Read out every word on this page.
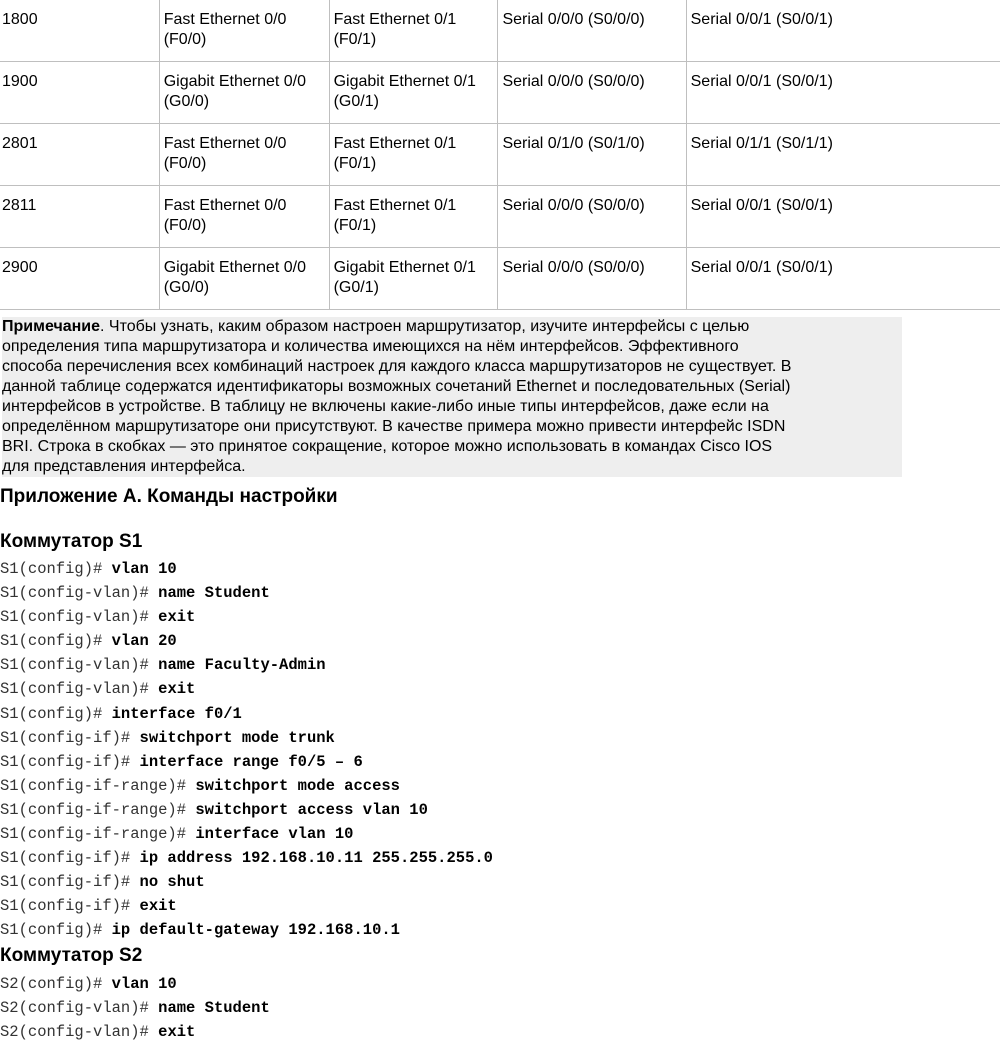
1800	Fast Ethernet 0/0 (F0/0)	Fast Ethernet 0/1 (F0/1)	Serial 0/0/0 (S0/0/0)	Serial 0/0/1 (S0/0/1)
1900	Gigabit Ethernet 0/0 (G0/0)	Gigabit Ethernet 0/1 (G0/1)	Serial 0/0/0 (S0/0/0)	Serial 0/0/1 (S0/0/1)
2801	Fast Ethernet 0/0 (F0/0)	Fast Ethernet 0/1 (F0/1)	Serial 0/1/0 (S0/1/0)	Serial 0/1/1 (S0/1/1)
2811	Fast Ethernet 0/0 (F0/0)	Fast Ethernet 0/1 (F0/1)	Serial 0/0/0 (S0/0/0)	Serial 0/0/1 (S0/0/1)
2900	Gigabit Ethernet 0/0 (G0/0)	Gigabit Ethernet 0/1 (G0/1)	Serial 0/0/0 (S0/0/0)	Serial 0/0/1 (S0/0/1)
Примечание. Чтобы узнать, каким образом настроен маршрутизатор, изучите интерфейсы с целью
определения типа маршрутизатора и количества имеющихся на нём интерфейсов. Эффективного
способа перечисления всех комбинаций настроек для каждого класса маршрутизаторов не существует. В
данной таблице содержатся идентификаторы возможных сочетаний Ethernet и последовательных (Serial)
интерфейсов в устройстве. В таблицу не включены какие-либо иные типы интерфейсов, даже если на
определённом маршрутизаторе они присутствуют. В качестве примера можно привести интерфейс ISDN
BRI. Строка в скобках — это принятое сокращение, которое можно использовать в командах Cisco IOS
для представления интерфейса.
Приложение А. Команды настройки
Коммутатор S1
S1(config)# vlan 10
S1(config-vlan)# name Student
S1(config-vlan)# exit
S1(config)# vlan 20
S1(config-vlan)# name Faculty-Admin
S1(config-vlan)# exit
S1(config)# interface f0/1
S1(config-if)# switchport mode trunk
S1(config-if)# interface range f0/5 – 6
S1(config-if-range)# switchport mode access
S1(config-if-range)# switchport access vlan 10
S1(config-if-range)# interface vlan 10
S1(config-if)# ip address 192.168.10.11 255.255.255.0
S1(config-if)# no shut
S1(config-if)# exit
S1(config)# ip default-gateway 192.168.10.1
Коммутатор S2
S2(config)# vlan 10
S2(config-vlan)# name Student
S2(config-vlan)# exit
